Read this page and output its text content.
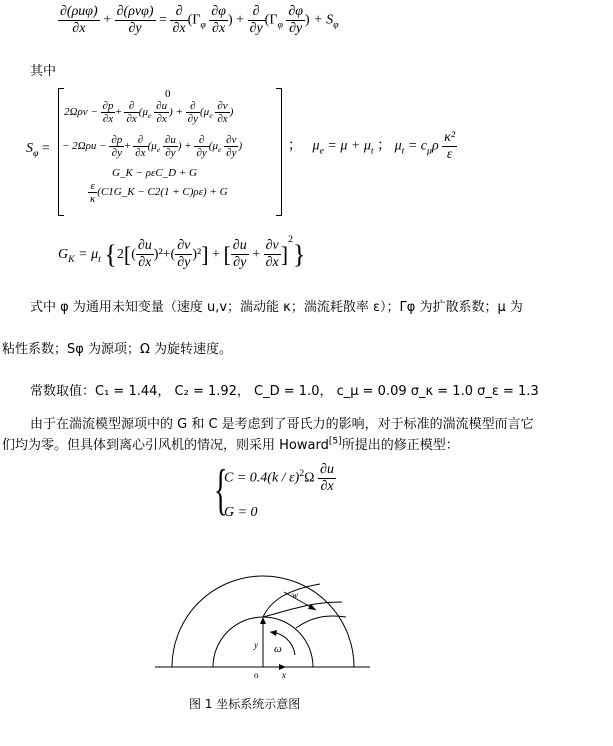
$\frac{\text{∂(ρuφ)}}{\partial x} + \frac{\text{∂(ρvφ)}}{\partial y} = \frac{\partial}{\partial x} (\Gamma_\varphi \frac{\partial\varphi}{\partial x}$ ) + $\frac{\partial}{\partial y} (\Gamma_\varphi \frac{\partial\varphi}{\partial y}$ ) + $S_\varphi$
其中
$S_\varphi$ =
0
$2\Omega\rho v - \frac{\partial p}{\partial x} + \frac{\partial}{\partial x} (\mu_e \frac{\partial u}{\partial x}$ ) + $\frac{\partial}{\partial y} (\mu_e \frac{\partial v}{\partial x}$ )
− $2\Omega\rho u - \frac{\partial p}{\partial y} + \frac{\partial}{\partial x} (\mu_e \frac{\partial u}{\partial y}$ ) + $\frac{\partial}{\partial y} (\mu_e \frac{\partial v}{\partial y}$ )
G_K − ρεC_D + G
$\frac{\varepsilon}{\kappa}$ (C1G_K − C2(1 + C)ρε) + G
；　 $\mu_e = \mu + \mu_t$ ； $\mu_t = c_\mu\rho \frac{\text{κ²}}{\varepsilon}$
$G_K = \mu_t$ {$2[( \frac{\partial u}{\partial x} )^2+( \frac{\partial v}{\partial y} )^2]$ + [ $\frac{\partial u}{\partial y} + \frac{\partial v}{\partial x} ]^2$}
式中 φ 为通用未知变量（速度 u,v；湍动能 κ；湍流耗散率 ε）；Γφ 为扩散系数；μ 为
粘性系数；Sφ 为源项；Ω 为旋转速度。
常数取值：C₁ = 1.44， C₂ = 1.92， C_D = 1.0， c_μ = 0.09 σ_κ = 1.0 σ_ε = 1.3
由于在湍流模型源项中的 G 和 C 是考虑到了哥氏力的影响，对于标准的湍流模型而言它
们均为零。但具体到离心引风机的情况，则采用 Howard[5]所提出的修正模型：
{
$C = 0.4(k / \varepsilon)^2\Omega \frac{\partial u}{\partial x}$
G = 0
w
y ω
o	x
图 1 坐标系统示意图
